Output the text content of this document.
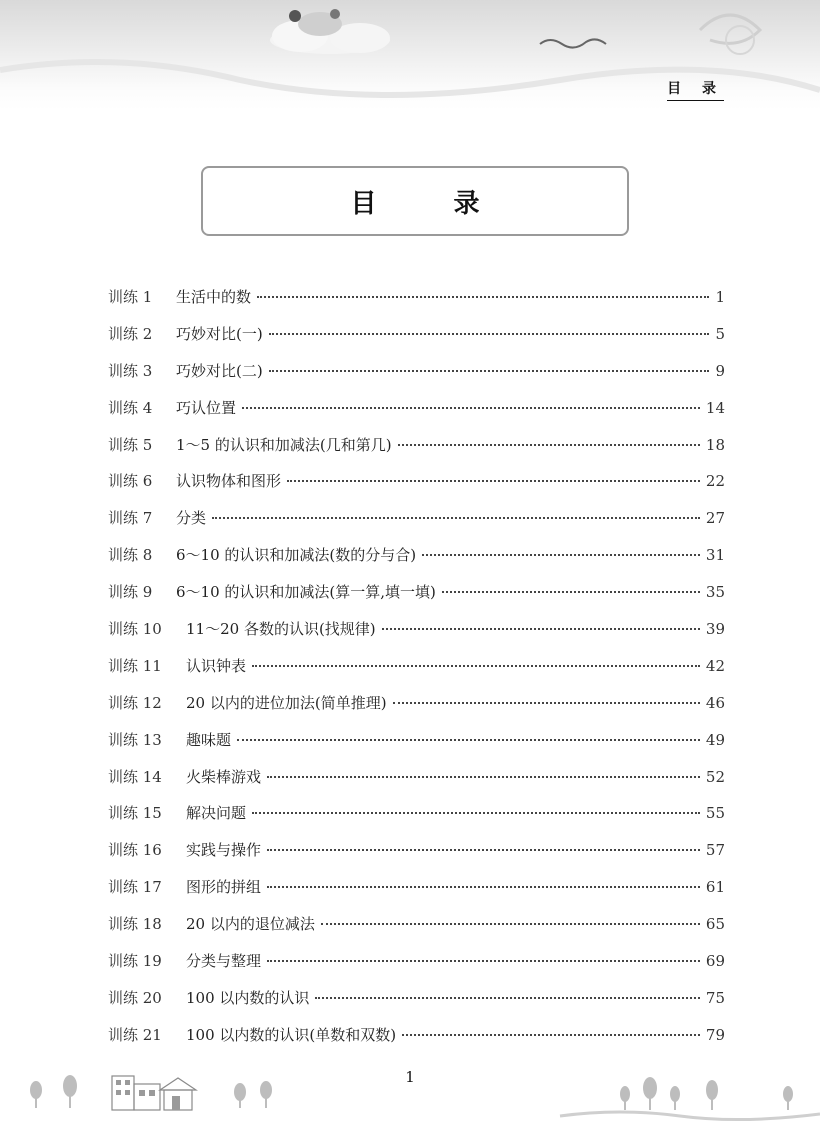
目 录
目 录
训练 1	生活中的数	1
训练 2	巧妙对比(一)	5
训练 3	巧妙对比(二)	9
训练 4	巧认位置	14
训练 5	1～5 的认识和加减法(几和第几)	18
训练 6	认识物体和图形	22
训练 7	分类	27
训练 8	6～10 的认识和加减法(数的分与合)	31
训练 9	6～10 的认识和加减法(算一算,填一填)	35
训练 10	11～20 各数的认识(找规律)	39
训练 11	认识钟表	42
训练 12	20 以内的进位加法(简单推理)	46
训练 13	趣味题	49
训练 14	火柴棒游戏	52
训练 15	解决问题	55
训练 16	实践与操作	57
训练 17	图形的拼组	61
训练 18	20 以内的退位减法	65
训练 19	分类与整理	69
训练 20	100 以内数的认识	75
训练 21	100 以内数的认识(单数和双数)	79
1
